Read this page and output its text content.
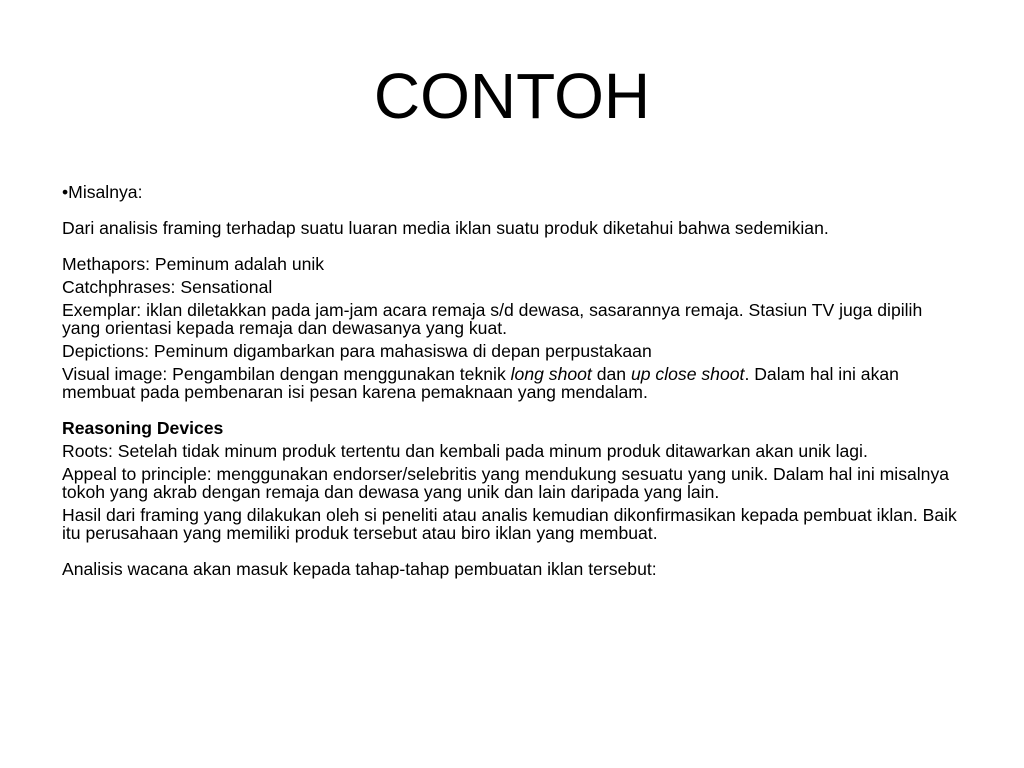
CONTOH

•Misalnya:

Dari analisis framing terhadap suatu luaran media iklan suatu produk diketahui bahwa sedemikian.

Methapors: Peminum adalah unik

Catchphrases: Sensational

Exemplar: iklan diletakkan pada jam-jam acara remaja s/d dewasa, sasarannya remaja. Stasiun TV juga dipilih yang orientasi kepada remaja dan dewasanya yang kuat.

Depictions: Peminum digambarkan para mahasiswa di depan perpustakaan

Visual image: Pengambilan dengan menggunakan teknik long shoot dan up close shoot. Dalam hal ini akan membuat pada pembenaran isi pesan karena pemaknaan yang mendalam.

Reasoning Devices

Roots: Setelah tidak minum produk tertentu dan kembali pada minum produk ditawarkan akan unik lagi.

Appeal to principle: menggunakan endorser/selebritis yang mendukung sesuatu yang unik. Dalam hal ini misalnya tokoh yang akrab dengan remaja dan dewasa yang unik dan lain daripada yang lain.

Hasil dari framing yang dilakukan oleh si peneliti atau analis kemudian dikonfirmasikan kepada pembuat iklan. Baik itu perusahaan yang memiliki produk tersebut atau biro iklan yang membuat.

Analisis wacana akan masuk kepada tahap-tahap pembuatan iklan tersebut:
